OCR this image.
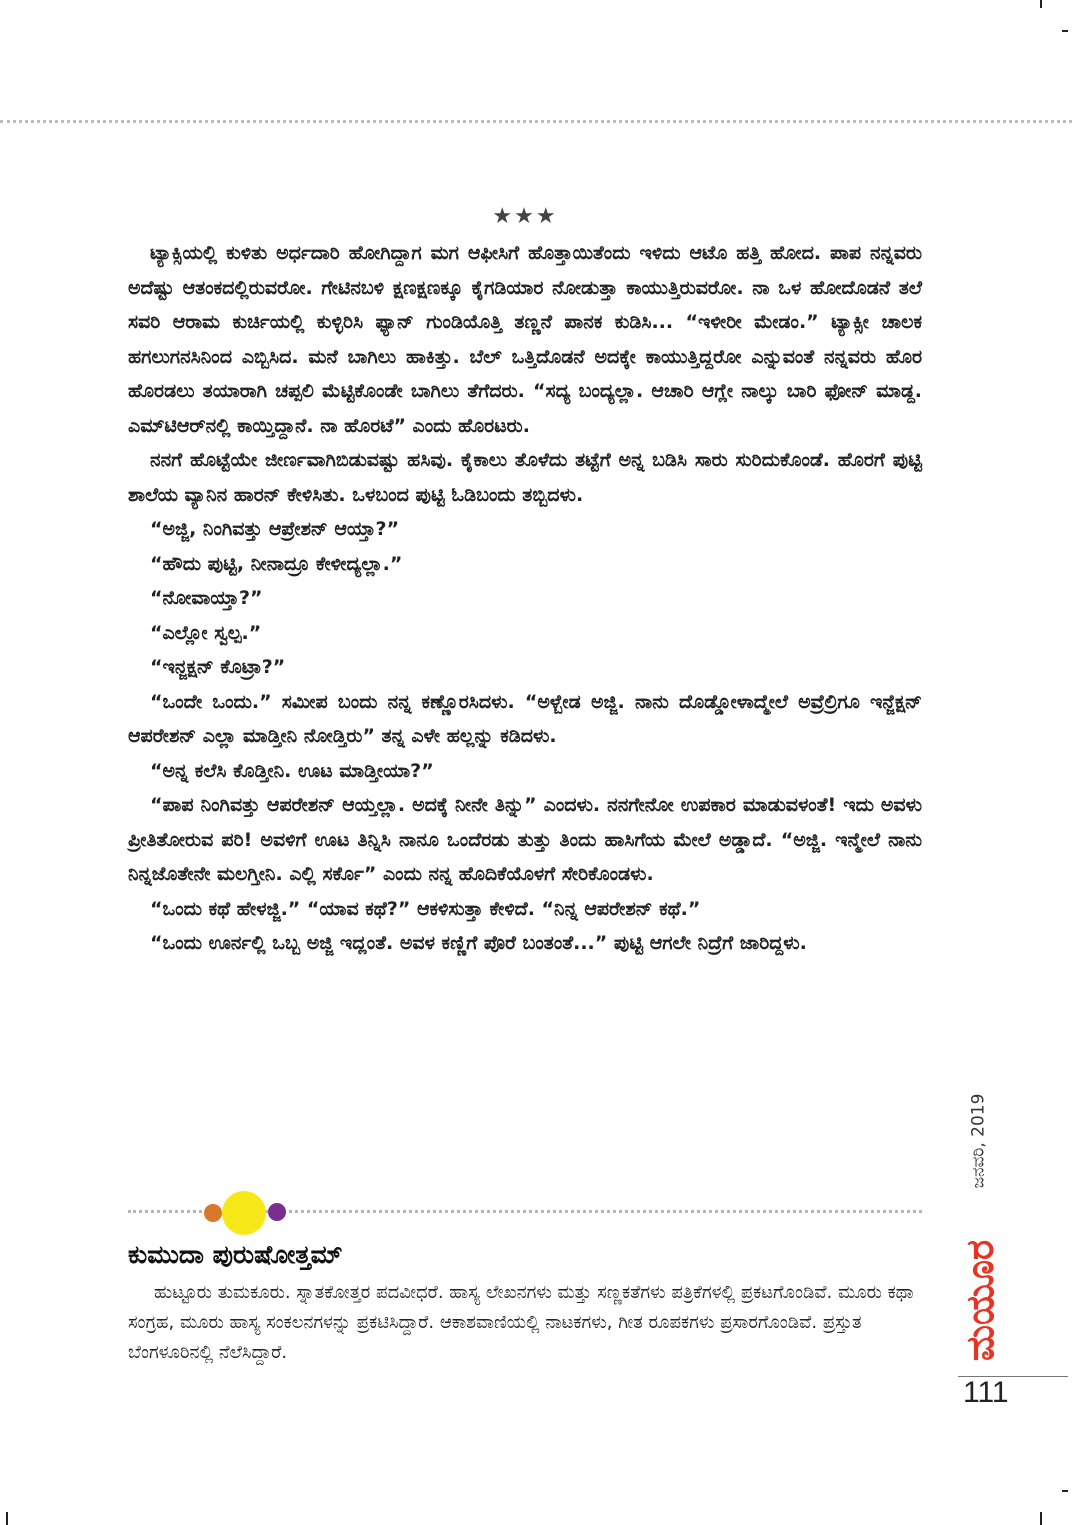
★★★

ಟ್ಯಾಕ್ಸಿಯಲ್ಲಿ ಕುಳಿತು ಅರ್ಧದಾರಿ ಹೋಗಿದ್ದಾಗ ಮಗ ಆಫೀಸಿಗೆ ಹೊತ್ತಾಯಿತೆಂದು ಇಳಿದು ಆಟೊ ಹತ್ತಿ ಹೋದ. ಪಾಪ ನನ್ನವರು ಅದೆಷ್ಟು ಆತಂಕದಲ್ಲಿರುವರೋ. ಗೇಟಿನಬಳಿ ಕ್ಷಣಕ್ಷಣಕ್ಕೂ ಕೈಗಡಿಯಾರ ನೋಡುತ್ತಾ ಕಾಯುತ್ತಿರುವರೋ. ನಾ ಒಳ ಹೋದೊಡನೆ ತಲೆ ಸವರಿ ಆರಾಮ ಕುರ್ಚಿಯಲ್ಲಿ ಕುಳ್ಳಿರಿಸಿ ಫ್ಯಾನ್ ಗುಂಡಿಯೊತ್ತಿ ತಣ್ಣನೆ ಪಾನಕ ಕುಡಿಸಿ... “ಇಳೀರೀ ಮೇಡಂ.” ಟ್ಯಾಕ್ಸೀ ಚಾಲಕ ಹಗಲುಗನಸಿನಿಂದ ಎಬ್ಬಿಸಿದ. ಮನೆ ಬಾಗಿಲು ಹಾಕಿತ್ತು. ಬೆಲ್ ಒತ್ತಿದೊಡನೆ ಅದಕ್ಕೇ ಕಾಯುತ್ತಿದ್ದರೋ ಎನ್ನುವಂತೆ ನನ್ನವರು ಹೊರ ಹೊರಡಲು ತಯಾರಾಗಿ ಚಪ್ಪಲಿ ಮೆಟ್ಟಿಕೊಂಡೇ ಬಾಗಿಲು ತೆಗೆದರು. “ಸದ್ಯ ಬಂದ್ಯಲ್ಲಾ. ಆಚಾರಿ ಆಗ್ಲೇ ನಾಲ್ಕು ಬಾರಿ ಫೋನ್ ಮಾಡ್ದ. ಎಮ್‌ಟಿಆರ್‌ನಲ್ಲಿ ಕಾಯ್ತಿದ್ದಾನೆ. ನಾ ಹೊರಟೆ” ಎಂದು ಹೊರಟರು.

ನನಗೆ ಹೊಟ್ಟೆಯೇ ಜೀರ್ಣವಾಗಿಬಿಡುವಷ್ಟು ಹಸಿವು. ಕೈಕಾಲು ತೊಳೆದು ತಟ್ಟೆಗೆ ಅನ್ನ ಬಡಿಸಿ ಸಾರು ಸುರಿದುಕೊಂಡೆ. ಹೊರಗೆ ಪುಟ್ಟಿ ಶಾಲೆಯ ವ್ಯಾನಿನ ಹಾರನ್ ಕೇಳಿಸಿತು. ಒಳಬಂದ ಪುಟ್ಟಿ ಓಡಿಬಂದು ತಬ್ಬಿದಳು.

“ಅಜ್ಜಿ, ನಿಂಗಿವತ್ತು ಆಪ್ರೇಶನ್ ಆಯ್ತಾ?”

“ಹೌದು ಪುಟ್ಟಿ, ನೀನಾದ್ರೂ ಕೇಳೀದ್ಯಲ್ಲಾ.”

“ನೋವಾಯ್ತಾ?”

“ಎಲ್ಲೋ ಸ್ವಲ್ಪ.”

“ಇನ್ಜಕ್ಷನ್ ಕೊಟ್ರಾ?”

“ಒಂದೇ ಒಂದು.” ಸಮೀಪ ಬಂದು ನನ್ನ ಕಣ್ಣೊರಸಿದಳು. “ಅಳ್ಬೇಡ ಅಜ್ಜಿ. ನಾನು ದೊಡ್ಡೋಳಾದ್ಮೇಲೆ ಅವ್ರೆಲ್ರಿಗೂ ಇನ್ಜೆಕ್ಷನ್ ಆಪರೇಶನ್ ಎಲ್ಲಾ ಮಾಡ್ತೀನಿ ನೋಡ್ತಿರು” ತನ್ನ ಎಳೇ ಹಲ್ಲನ್ನು ಕಡಿದಳು.

“ಅನ್ನ ಕಲೆಸಿ ಕೊಡ್ತೀನಿ. ಊಟ ಮಾಡ್ತೀಯಾ?”

“ಪಾಪ ನಿಂಗಿವತ್ತು ಆಪರೇಶನ್ ಆಯ್ತಲ್ಲಾ. ಅದಕ್ಕೆ ನೀನೇ ತಿನ್ನು” ಎಂದಳು. ನನಗೇನೋ ಉಪಕಾರ ಮಾಡುವಳಂತೆ! ಇದು ಅವಳು ಪ್ರೀತಿತೋರುವ ಪರಿ! ಅವಳಿಗೆ ಊಟ ತಿನ್ನಿಸಿ ನಾನೂ ಒಂದೆರಡು ತುತ್ತು ತಿಂದು ಹಾಸಿಗೆಯ ಮೇಲೆ ಅಡ್ಡಾದೆ. “ಅಜ್ಜಿ. ಇನ್ಮೇಲೆ ನಾನು ನಿನ್ನಜೊತೇನೇ ಮಲಗ್ತೀನಿ. ಎಲ್ಲಿ ಸರ್ಕೊ” ಎಂದು ನನ್ನ ಹೊದಿಕೆಯೊಳಗೆ ಸೇರಿಕೊಂಡಳು.

“ಒಂದು ಕಥೆ ಹೇಳಜ್ಜಿ.” “ಯಾವ ಕಥೆ?” ಆಕಳಿಸುತ್ತಾ ಕೇಳಿದೆ. “ನಿನ್ನ ಆಪರೇಶನ್ ಕಥೆ.”

“ಒಂದು ಊರ್ನಲ್ಲಿ ಒಬ್ಬ ಅಜ್ಜಿ ಇದ್ಲಂತೆ. ಅವಳ ಕಣ್ಣಿಗೆ ಪೊರೆ ಬಂತಂತೆ...” ಪುಟ್ಟಿ ಆಗಲೇ ನಿದ್ರೆಗೆ ಜಾರಿದ್ದಳು.

ಕುಮುದಾ ಪುರುಷೋತ್ತಮ್

ಹುಟ್ಟೂರು ತುಮಕೂರು. ಸ್ನಾತಕೋತ್ತರ ಪದವೀಧರೆ. ಹಾಸ್ಯ ಲೇಖನಗಳು ಮತ್ತು ಸಣ್ಣಕತೆಗಳು ಪತ್ರಿಕೆಗಳಲ್ಲಿ ಪ್ರಕಟಗೊಂಡಿವೆ. ಮೂರು ಕಥಾ ಸಂಗ್ರಹ, ಮೂರು ಹಾಸ್ಯ ಸಂಕಲನಗಳನ್ನು ಪ್ರಕಟಿಸಿದ್ದಾರೆ. ಆಕಾಶವಾಣಿಯಲ್ಲಿ ನಾಟಕಗಳು, ಗೀತ ರೂಪಕಗಳು ಪ್ರಸಾರಗೊಂಡಿವೆ. ಪ್ರಸ್ತುತ ಬೆಂಗಳೂರಿನಲ್ಲಿ ನೆಲೆಸಿದ್ದಾರೆ.

ಜನವರಿ, 2019
ಮಯೂರ
111
